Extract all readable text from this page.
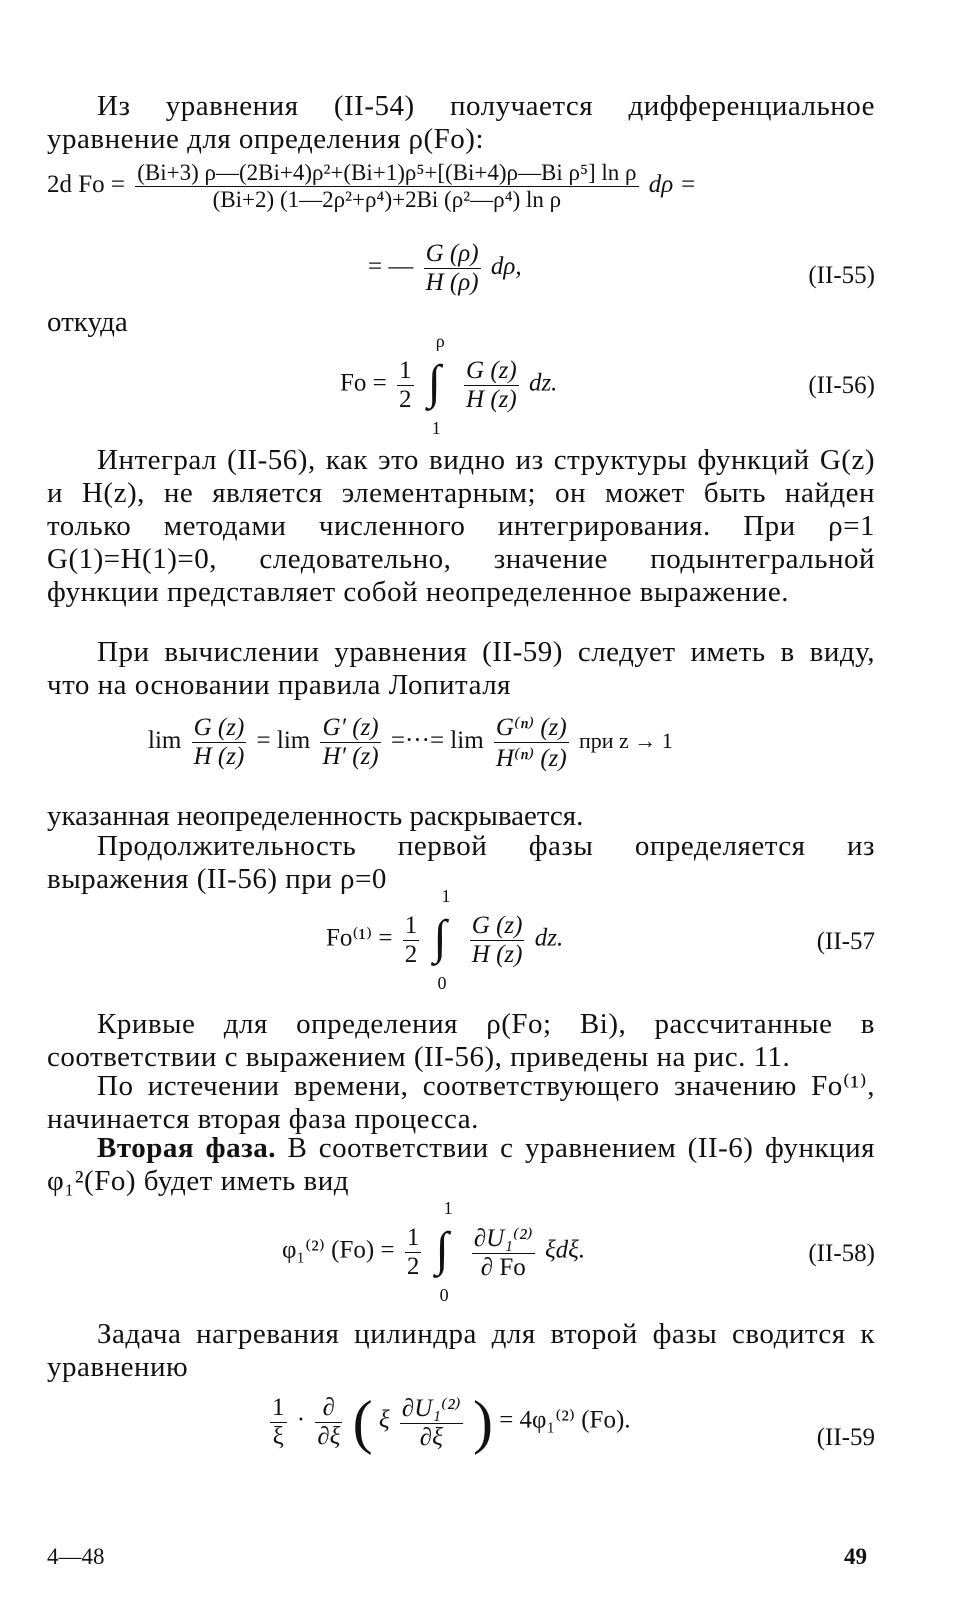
Из уравнения (II-54) получается дифференциальное уравнение для определения ρ(Fo):
2d $Fo = \frac{\text{(Bi+3) ρ—(2Bi+4)ρ²+(Bi+1)ρ⁵+[(Bi+4)ρ—Bi ρ⁵] ln ρ}}{\text{(Bi+2) (1—2ρ²+ρ⁴)+2Bi (ρ²—ρ⁴) ln ρ}}$ dρ =
= — $\frac{G (\rho)}{H (\rho)} d\rho$,	(II-55)
откуда
$Fo = \frac{1}{2}$

ρ
∫
1

$\frac{G (z)}{H (z)}$ dz.	(II-56)
Интеграл (II-56), как это видно из структуры функций G(z) и H(z), не является элементарным; он может быть найден только методами численного интегрирования. При ρ=1 G(1)=H(1)=0, следовательно, значение подынтегральной функции представляет собой неопределенное выражение.
При вычислении уравнения (II-59) следует иметь в виду, что на основании правила Лопиталя
$\lim \frac{G (z)}{H (z)} = \lim \frac{G' (z)}{H' (z)}$ =···= $\lim \frac{\text{G⁽ⁿ⁾ (z)}}{\text{H⁽ⁿ⁾ (z)}}$ при z → 1
указанная неопределенность раскрывается.
Продолжительность первой фазы определяется из выражения (II-56) при ρ=0
$Fo^{(1)} = \frac{1}{2}$

1
∫
0

$\frac{G (z)}{H (z)}$ dz.	(II-57
Кривые для определения ρ(Fo; Bi), рассчитанные в соответствии с выражением (II-56), приведены на рис. 11.
По истечении времени, соответствующего значению Fo⁽¹⁾, начинается вторая фаза процесса.
Вторая фаза. В соответствии с уравнением (II-6) функция φ₁²(Fo) будет иметь вид
φ₁⁽²⁾ $(Fo) = \frac{1}{2}$

1
∫
0

$\frac{\text{∂U₁⁽²⁾}}{\partial Fo} \xi d\xi$.	(II-58)
Задача нагревания цилиндра для второй фазы сводится к уравнению
$\frac{1}{\xi} \cdot \frac{\partial}{\partial\xi}$ ( ξ $\frac{\text{∂U₁⁽²⁾}}{\partial\xi}$ ) = 4φ₁⁽²⁾ (Fo).
(II-59
4—48	49
